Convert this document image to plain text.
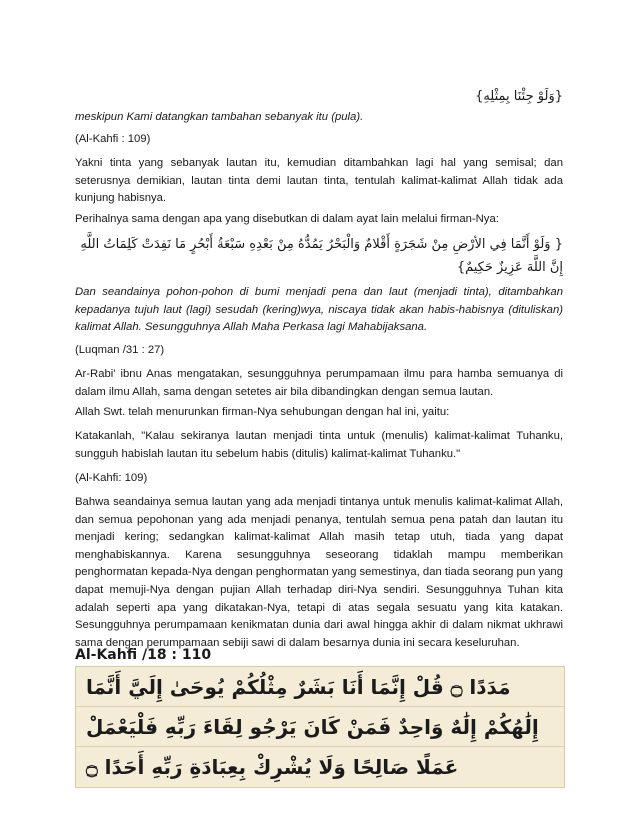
{وَلَوْ جِئْنَا بِمِثْلِهِ}

meskipun Kami datangkan tambahan sebanyak itu (pula).

(Al-Kahfi : 109)

Yakni tinta yang sebanyak lautan itu, kemudian ditambahkan lagi hal yang semisal; dan seterusnya demikian, lautan tinta demi lautan tinta, tentulah kalimat-kalimat Allah tidak ada kunjung habisnya.

Perihalnya sama dengan apa yang disebutkan di dalam ayat lain melalui firman-Nya:

{ وَلَوْ أَنَّمَا فِي الأرْضِ مِنْ شَجَرَةٍ أَقْلامٌ وَالْبَحْرُ يَمُدُّهُ مِنْ بَعْدِهِ سَبْعَةُ أَبْحُرٍ مَا نَفِدَتْ كَلِمَاتُ اللَّهِ إِنَّ اللَّهَ عَزِيزٌ حَكِيمٌ}

Dan seandainya pohon-pohon di bumi menjadi pena dan laut (menjadi tinta), ditambahkan kepadanya tujuh laut (lagi) sesudah (kering)wya, niscaya tidak akan habis-habisnya (dituliskan) kalimat Allah. Sesungguhnya Allah Maha Perkasa lagi Mahabijaksana.

(Luqman /31 : 27)

Ar-Rabi' ibnu Anas mengatakan, sesungguhnya perumpamaan ilmu para hamba semuanya di dalam ilmu Allah, sama dengan setetes air bila dibandingkan dengan semua lautan.

Allah Swt. telah menurunkan firman-Nya sehubungan dengan hal ini, yaitu:

Katakanlah, "Kalau sekiranya lautan menjadi tinta untuk (menulis) kalimat-kalimat Tuhanku, sungguh habislah lautan itu sebelum habis (ditulis) kalimat-kalimat Tuhanku."

(Al-Kahfi: 109)

Bahwa seandainya semua lautan yang ada menjadi tintanya untuk menulis kalimat-kalimat Allah, dan semua pepohonan yang ada menjadi penanya, tentulah semua pena patah dan lautan itu menjadi kering; sedangkan kalimat-kalimat Allah masih tetap utuh, tiada yang dapat menghabiskannya. Karena sesungguhnya seseorang tidaklah mampu memberikan penghormatan kepada-Nya dengan penghormatan yang semestinya, dan tiada seorang pun yang dapat memuji-Nya dengan pujian Allah terhadap diri-Nya sendiri. Sesungguhnya Tuhan kita adalah seperti apa yang dikatakan-Nya, tetapi di atas segala sesuatu yang kita katakan. Sesungguhnya perumpamaan kenikmatan dunia dari awal hingga akhir di dalam nikmat ukhrawi sama dengan perumpamaan sebiji sawi di dalam besarnya dunia ini secara keseluruhan.

Al-Kahfi /18 : 110

مَدَدًا ۝ قُلْ إِنَّمَا أَنَا بَشَرٌ مِثْلُكُمْ يُوحَىٰ إِلَيَّ أَنَّمَا
إِلَٰهُكُمْ إِلَٰهٌ وَاحِدٌ فَمَنْ كَانَ يَرْجُو لِقَاءَ رَبِّهِ فَلْيَعْمَلْ
عَمَلًا صَالِحًا وَلَا يُشْرِكْ بِعِبَادَةِ رَبِّهِ أَحَدًا ۝
